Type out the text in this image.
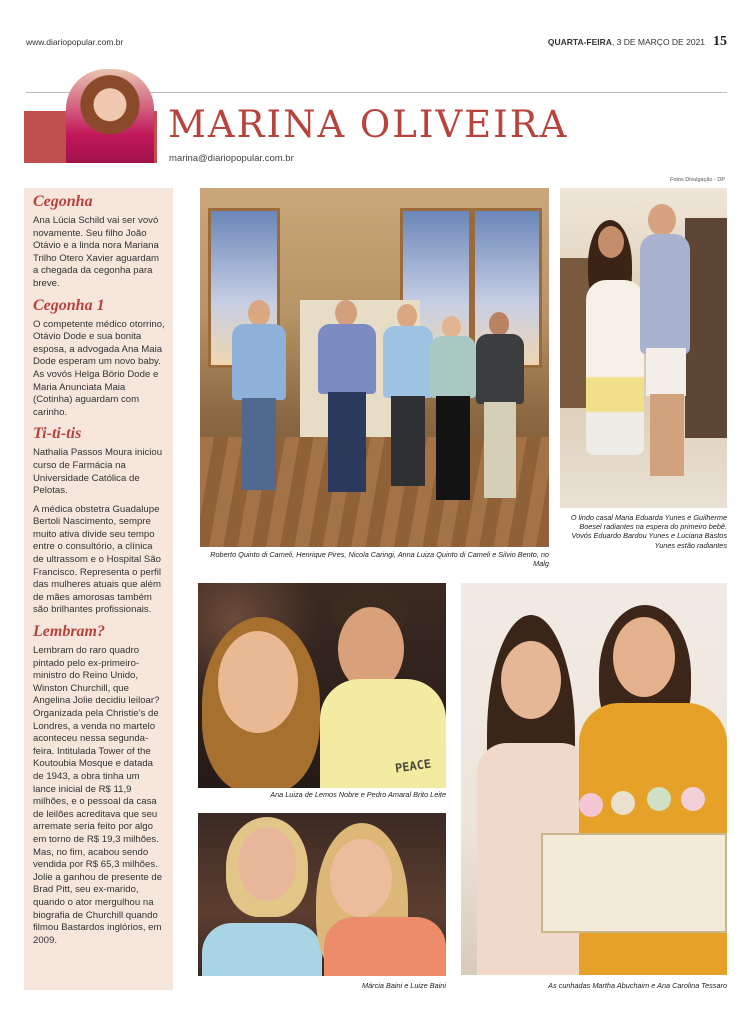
www.diariopopular.com.br	QUARTA-FEIRA, 3 DE MARÇO DE 2021 15
MARINA OLIVEIRA
marina@diariopopular.com.br
Fotos Divulgação - DP
Cegonha

Ana Lúcia Schild vai ser vovó novamente. Seu filho João Otávio e a linda nora Mariana Trilho Otero Xavier aguardam a chegada da cegonha para breve.

Cegonha 1

O competente médico otorrino, Otávio Dode e sua bonita esposa, a advogada Ana Maia Dode esperam um novo baby. As vovós Helga Bório Dode e Maria Anunciata Maia (Cotinha) aguardam com carinho.

Ti-ti-tis

Nathalia Passos Moura iniciou curso de Farmácia na Universidade Católica de Pelotas.

A médica obstetra Guadalupe Bertoli Nascimento, sempre muito ativa divide seu tempo entre o consultório, a clínica de ultrassom e o Hospital São Francisco. Representa o perfil das mulheres atuais que além de mães amorosas também são brilhantes profissionais.

Lembram?

Lembram do raro quadro pintado pelo ex-primeiro-ministro do Reino Unido, Winston Churchill, que Angelina Jolie decidiu leiloar? Organizada pela Christie’s de Londres, a venda no martelo aconteceu nessa segunda-feira. Intitulada Tower of the Koutoubia Mosque e datada de 1943, a obra tinha um lance inicial de R$ 11,9 milhões, e o pessoal da casa de leilões acreditava que seu arremate seria feito por algo em torno de R$ 19,3 milhões. Mas, no fim, acabou sendo vendida por R$ 65,3 milhões. Jolie a ganhou de presente de Brad Pitt, seu ex-marido, quando o ator mergulhou na biografia de Churchill quando filmou Bastardos inglórios, em 2009.

Roberto Quinto di Cameli, Henrique Pires, Nicola Caringi, Anna Luiza Quinto di Cameli e Silvio Bento, no Malg
O lindo casal Maria Eduarda Yunes e Guilherme Boesel radiantes na espera do primeiro bebê. Vovós Eduardo Bardou Yunes e Luciana Bastos Yunes estão radiantes
PEACE
Ana Luiza de Lemos Nobre e Pedro Amaral Brito Leite
As cunhadas Martha Abuchaim e Ana Carolina Tessaro
Márcia Baini e Luize Baini
